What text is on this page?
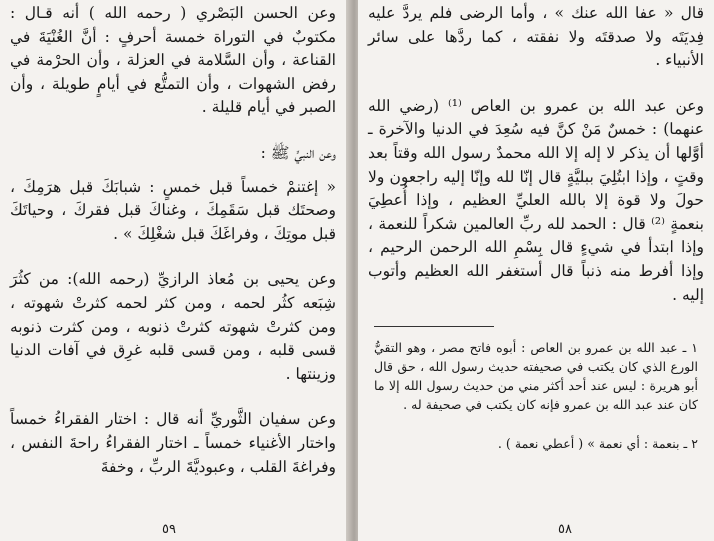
وعن الحسن البَصْري ( رحمه الله ) أنه قـال : مكتوبٌ في التوراة خمسة أحرفٍ : أنَّ الغُنْيَةَ في القناعة ، وأن السَّلامة في العزلة ، وأن الحرْمة في رفض الشهوات ، وأن التمتُّع في أيامٍ طويلة ، وأن الصبر في أيام قليلة .

وعن النبيِّ ﷺ :

« إغتنمْ خمساً قبل خمسٍ : شبابَكَ قبل هرَمِكَ ، وصحتَك قبل سَقَمِكَ ، وغناكَ قبل فقركَ ، وحياتَكَ قبل موتِكَ ، وفراغَكَ قبل شغْلِكَ » .

وعن يحيى بن مُعاذ الرازيِّ (رحمه الله): من كثُرَ شِبَعه كثُر لحمه ، ومن كثر لحمه كثرتْ شهوته ، ومن كثرتْ شهوته كثرتْ ذنوبه ، ومن كثرت ذنوبه قسى قلبه ، ومن قسى قلبه غرِق في آفات الدنيا وزينتها .

وعن سفيان الثَّوريِّ أنه قال : اختار الفقراءُ خمساً واختار الأغنياء خمساً ـ اختار الفقراءُ راحةَ النفس ، وفراغةَ القلب ، وعبوديَّةَ الربِّ ، وخفةَ

٥٩

قال « عفا الله عنك » ، وأما الرضى فلم يردَّ عليه فِديَتَه ولا صدقتَه ولا نفقته ، كما ردَّها على سائر الأنبياء .

وعن عبد الله بن عمرو بن العاص ⁽¹⁾ (رضي الله عنهما) : خمسٌ مَنْ كنَّ فيه سُعِدَ في الدنيا والآخرة ـ أوَّلها أن يذكر لا إله إلا الله محمدٌ رسول الله وقتاً بعد وقتٍ ، وإذا ابتُلِيَ ببليَّةٍ قال إنّا لله وإنّا إليه راجعون ولا حولَ ولا قوة إلا بالله العليِّ العظيم ، وإذا أُعطِيَ بنعمةٍ ⁽²⁾ قال : الحمد لله ربِّ العالمين شكراً للنعمة ، وإذا ابتدأ في شيءٍ قال بِسْمِ الله الرحمن الرحيم ، وإذا أفرط منه ذنباً قال أستغفر الله العظيم وأتوب إليه .

١ ـ عبد الله بن عمرو بن العاص : أبوه فاتح مصر ، وهو التقيُّ الورع الذي كان يكتب في صحيفته حديث رسول الله ، حق قال أبو هريرة : ليس عند أحد أكثر مني من حديث رسول الله إلا ما كان عند عبد الله بن عمرو فإنه كان يكتب في صحيفة له .

٢ ـ بنعمة : أي نعمة » ( أعطي نعمة ) .

٥٨
